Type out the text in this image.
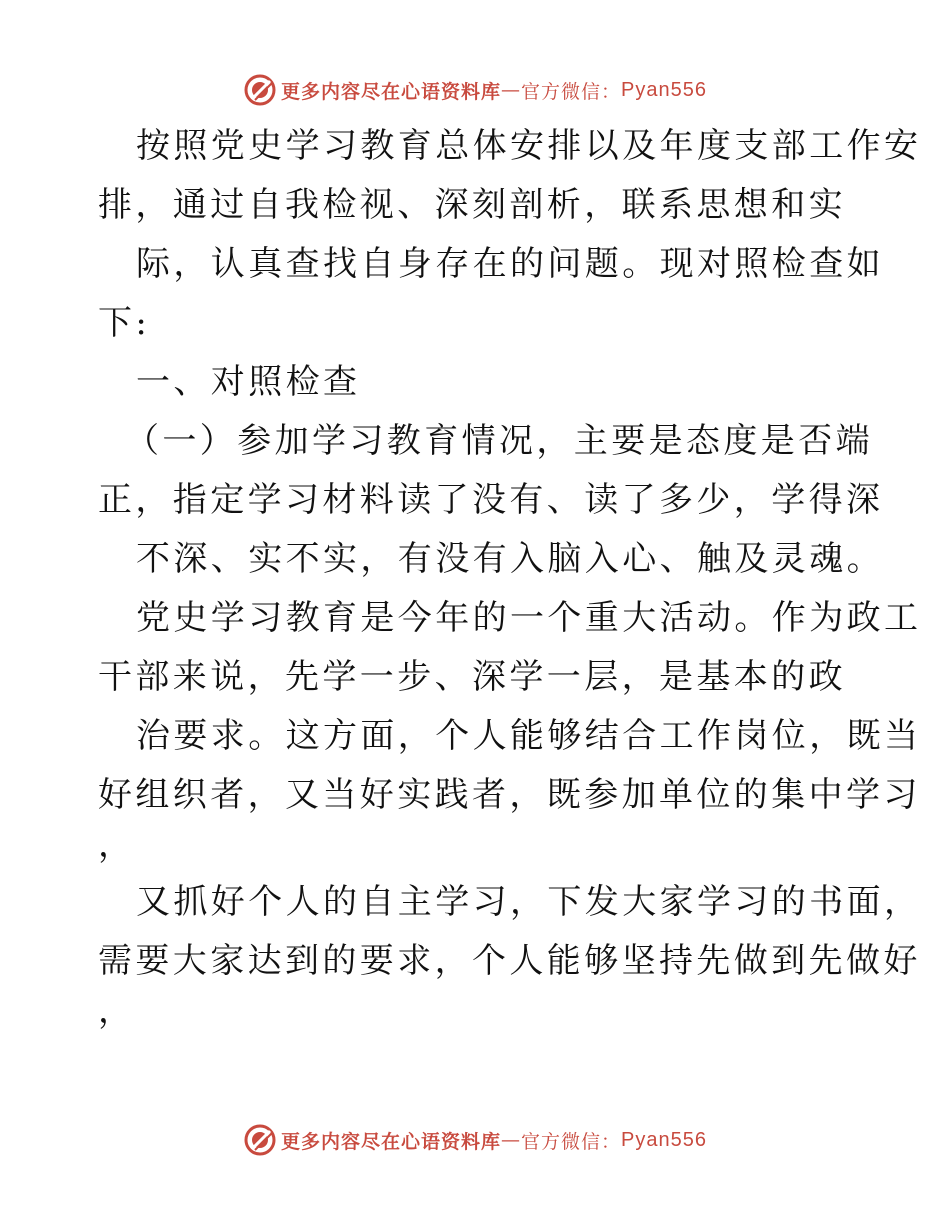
更多内容尽在心语资料库 — 官方微信： Pyan556
按照党史学习教育总体安排以及年度支部工作安
排，通过自我检视、深刻剖析，联系思想和实
际，认真查找自身存在的问题。现对照检查如
下:
一、对照检查
（一）参加学习教育情况，主要是态度是否端
正，指定学习材料读了没有、读了多少，学得深
不深、实不实，有没有入脑入心、触及灵魂。
党史学习教育是今年的一个重大活动。作为政工
干部来说，先学一步、深学一层，是基本的政
治要求。这方面，个人能够结合工作岗位，既当
好组织者，又当好实践者，既参加单位的集中学习
，
又抓好个人的自主学习，下发大家学习的书面，
需要大家达到的要求，个人能够坚持先做到先做好
，
更多内容尽在心语资料库 — 官方微信： Pyan556
